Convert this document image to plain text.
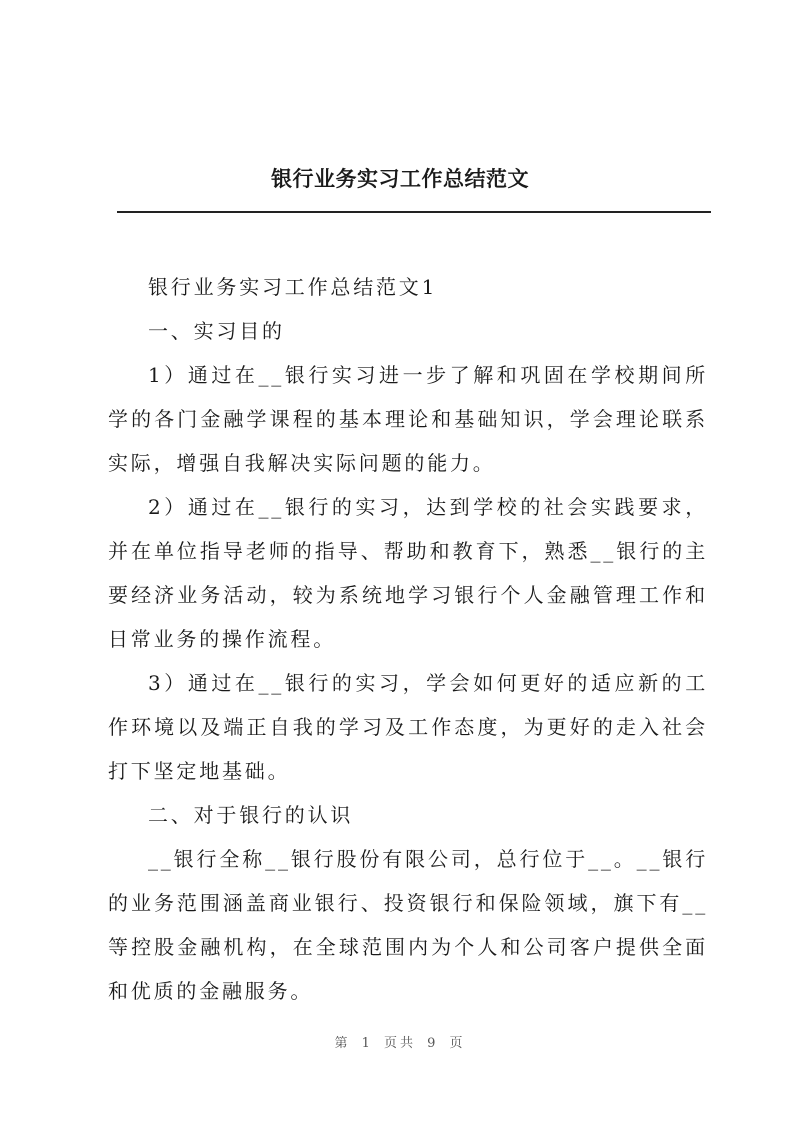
银行业务实习工作总结范文

银行业务实习工作总结范文1

一、实习目的

1）通过在__银行实习进一步了解和巩固在学校期间所学的各门金融学课程的基本理论和基础知识，学会理论联系实际，增强自我解决实际问题的能力。

2）通过在__银行的实习，达到学校的社会实践要求，并在单位指导老师的指导、帮助和教育下，熟悉__银行的主要经济业务活动，较为系统地学习银行个人金融管理工作和日常业务的操作流程。

3）通过在__银行的实习，学会如何更好的适应新的工作环境以及端正自我的学习及工作态度，为更好的走入社会打下坚定地基础。

二、对于银行的认识

__银行全称__银行股份有限公司，总行位于__。__银行的业务范围涵盖商业银行、投资银行和保险领域，旗下有__等控股金融机构，在全球范围内为个人和公司客户提供全面和优质的金融服务。

第 1 页共 9 页
